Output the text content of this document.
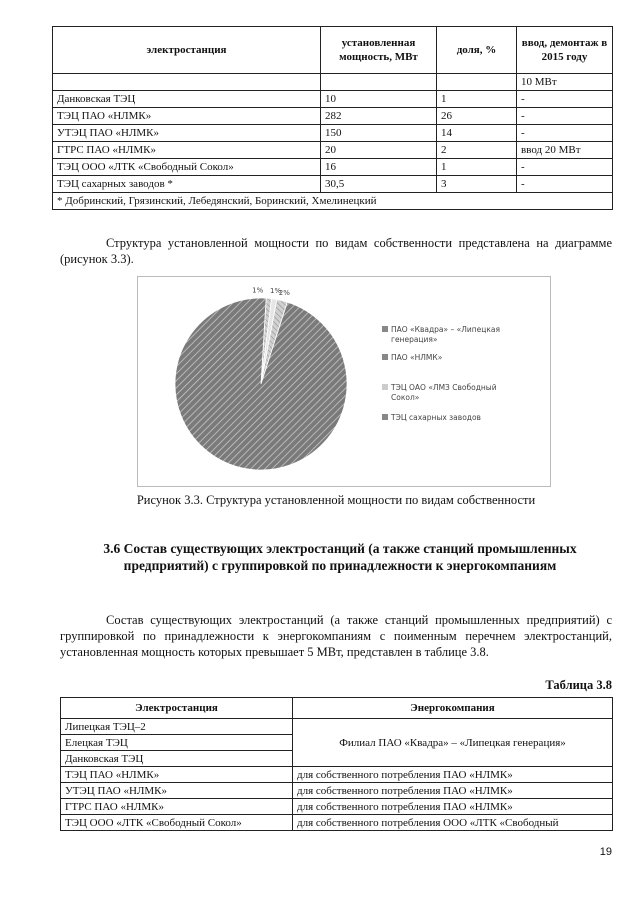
электростанция	установленная мощность, МВт	доля, %	ввод, демонтаж в 2015 году
			10 МВт
Данковская ТЭЦ	10	1	-
ТЭЦ ПАО «НЛМК»	282	26	-
УТЭЦ ПАО «НЛМК»	150	14	-
ГТРС ПАО «НЛМК»	20	2	ввод 20 МВт
ТЭЦ ООО «ЛТК «Свободный Сокол»	16	1	-
ТЭЦ сахарных заводов *	30,5	3	-
* Добринский, Грязинский, Лебедянский, Боринский, Хмелинецкий			
Структура установленной мощности по видам собственности представлена на диаграмме (рисунок 3.3).
1% 1%
2%
ПАО «Квадра» – «Липецкая генерация»
ПАО «НЛМК»
ТЭЦ ОАО «ЛМЗ Свободный Сокол»
ТЭЦ сахарных заводов
Рисунок 3.3. Структура установленной мощности по видам собственности
3.6 Состав существующих электростанций (а также станций промышленных предприятий) с группировкой по принадлежности к энергокомпаниям
Состав существующих электростанций (а также станций промышленных предприятий) с группировкой по принадлежности к энергокомпаниям с поименным перечнем электростанций, установленная мощность которых превышает 5 МВт, представлен в таблице 3.8.
Таблица 3.8
Электростанция	Энергокомпания
Липецкая ТЭЦ–2	Филиал ПАО «Квадра» – «Липецкая генерация»
Елецкая ТЭЦ	
Данковская ТЭЦ	
ТЭЦ ПАО «НЛМК»	для собственного потребления ПАО «НЛМК»
УТЭЦ ПАО «НЛМК»	для собственного потребления ПАО «НЛМК»
ГТРС ПАО «НЛМК»	для собственного потребления ПАО «НЛМК»
ТЭЦ ООО «ЛТК «Свободный Сокол»	для собственного потребления ООО «ЛТК «Свободный
19
